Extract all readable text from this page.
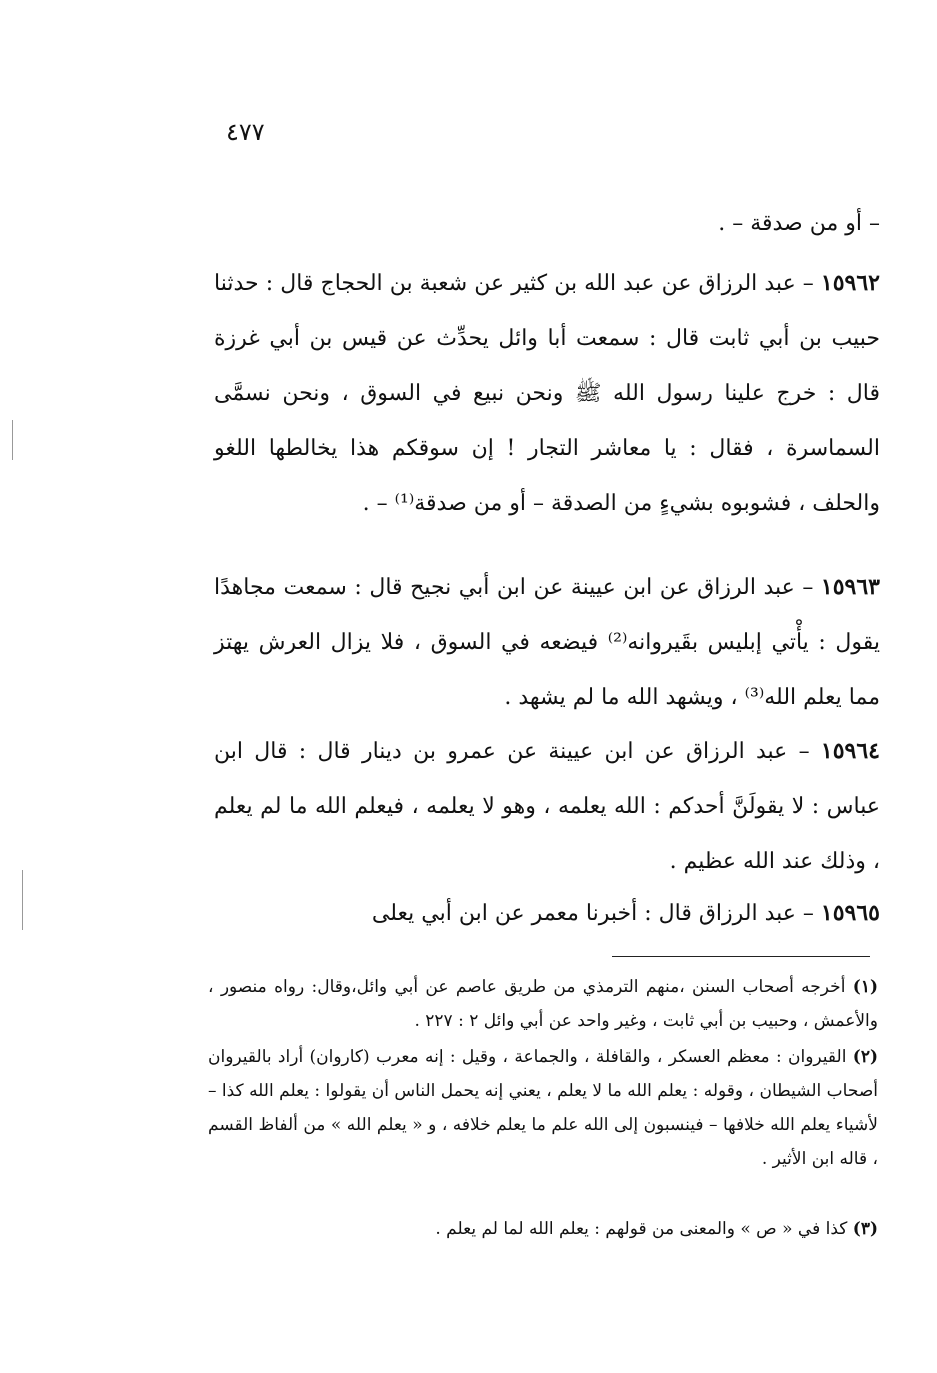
٤٧٧

– أو من صدقة – .

١٥٩٦٢ – عبد الرزاق عن عبد الله بن كثير عن شعبة بن الحجاج قال : حدثنا حبيب بن أبي ثابت قال : سمعت أبا وائل يحدِّث عن قيس بن أبي غرزة قال : خرج علينا رسول الله ﷺ ونحن نبيع في السوق ، ونحن نسمَّى السماسرة ، فقال : يا معاشر التجار ! إن سوقكم هذا يخالطها اللغو والحلف ، فشوبوه بشيءٍ من الصدقة – أو من صدقة⁽¹⁾ – .

١٥٩٦٣ – عبد الرزاق عن ابن عيينة عن ابن أبي نجيح قال : سمعت مجاهدًا يقول : يأْتي إبليس بقَيروانه⁽²⁾ فيضعه في السوق ، فلا يزال العرش يهتز مما يعلم الله⁽³⁾ ، ويشهد الله ما لم يشهد .

١٥٩٦٤ – عبد الرزاق عن ابن عيينة عن عمرو بن دينار قال : قال ابن عباس : لا يقولَنَّ أحدكم : الله يعلمه ، وهو لا يعلمه ، فيعلم الله ما لم يعلم ، وذلك عند الله عظيم .

١٥٩٦٥ – عبد الرزاق قال : أخبرنا معمر عن ابن أبي يعلى

(١) أخرجه أصحاب السنن ،منهم الترمذي من طريق عاصم عن أبي وائل،وقال: رواه منصور ، والأعمش ، وحبيب بن أبي ثابت ، وغير واحد عن أبي وائل ٢ : ٢٢٧ .

(٢) القيروان : معظم العسكر ، والقافلة ، والجماعة ، وقيل : إنه معرب (كاروان) أراد بالقيروان أصحاب الشيطان ، وقوله : يعلم الله ما لا يعلم ، يعني إنه يحمل الناس أن يقولوا : يعلم الله كذا – لأشياء يعلم الله خلافها – فينسبون إلى الله علم ما يعلم خلافه ، و « يعلم الله » من ألفاظ القسم ، قاله ابن الأثير .

(٣) كذا في « ص » والمعنى من قولهم : يعلم الله لما لم يعلم .
